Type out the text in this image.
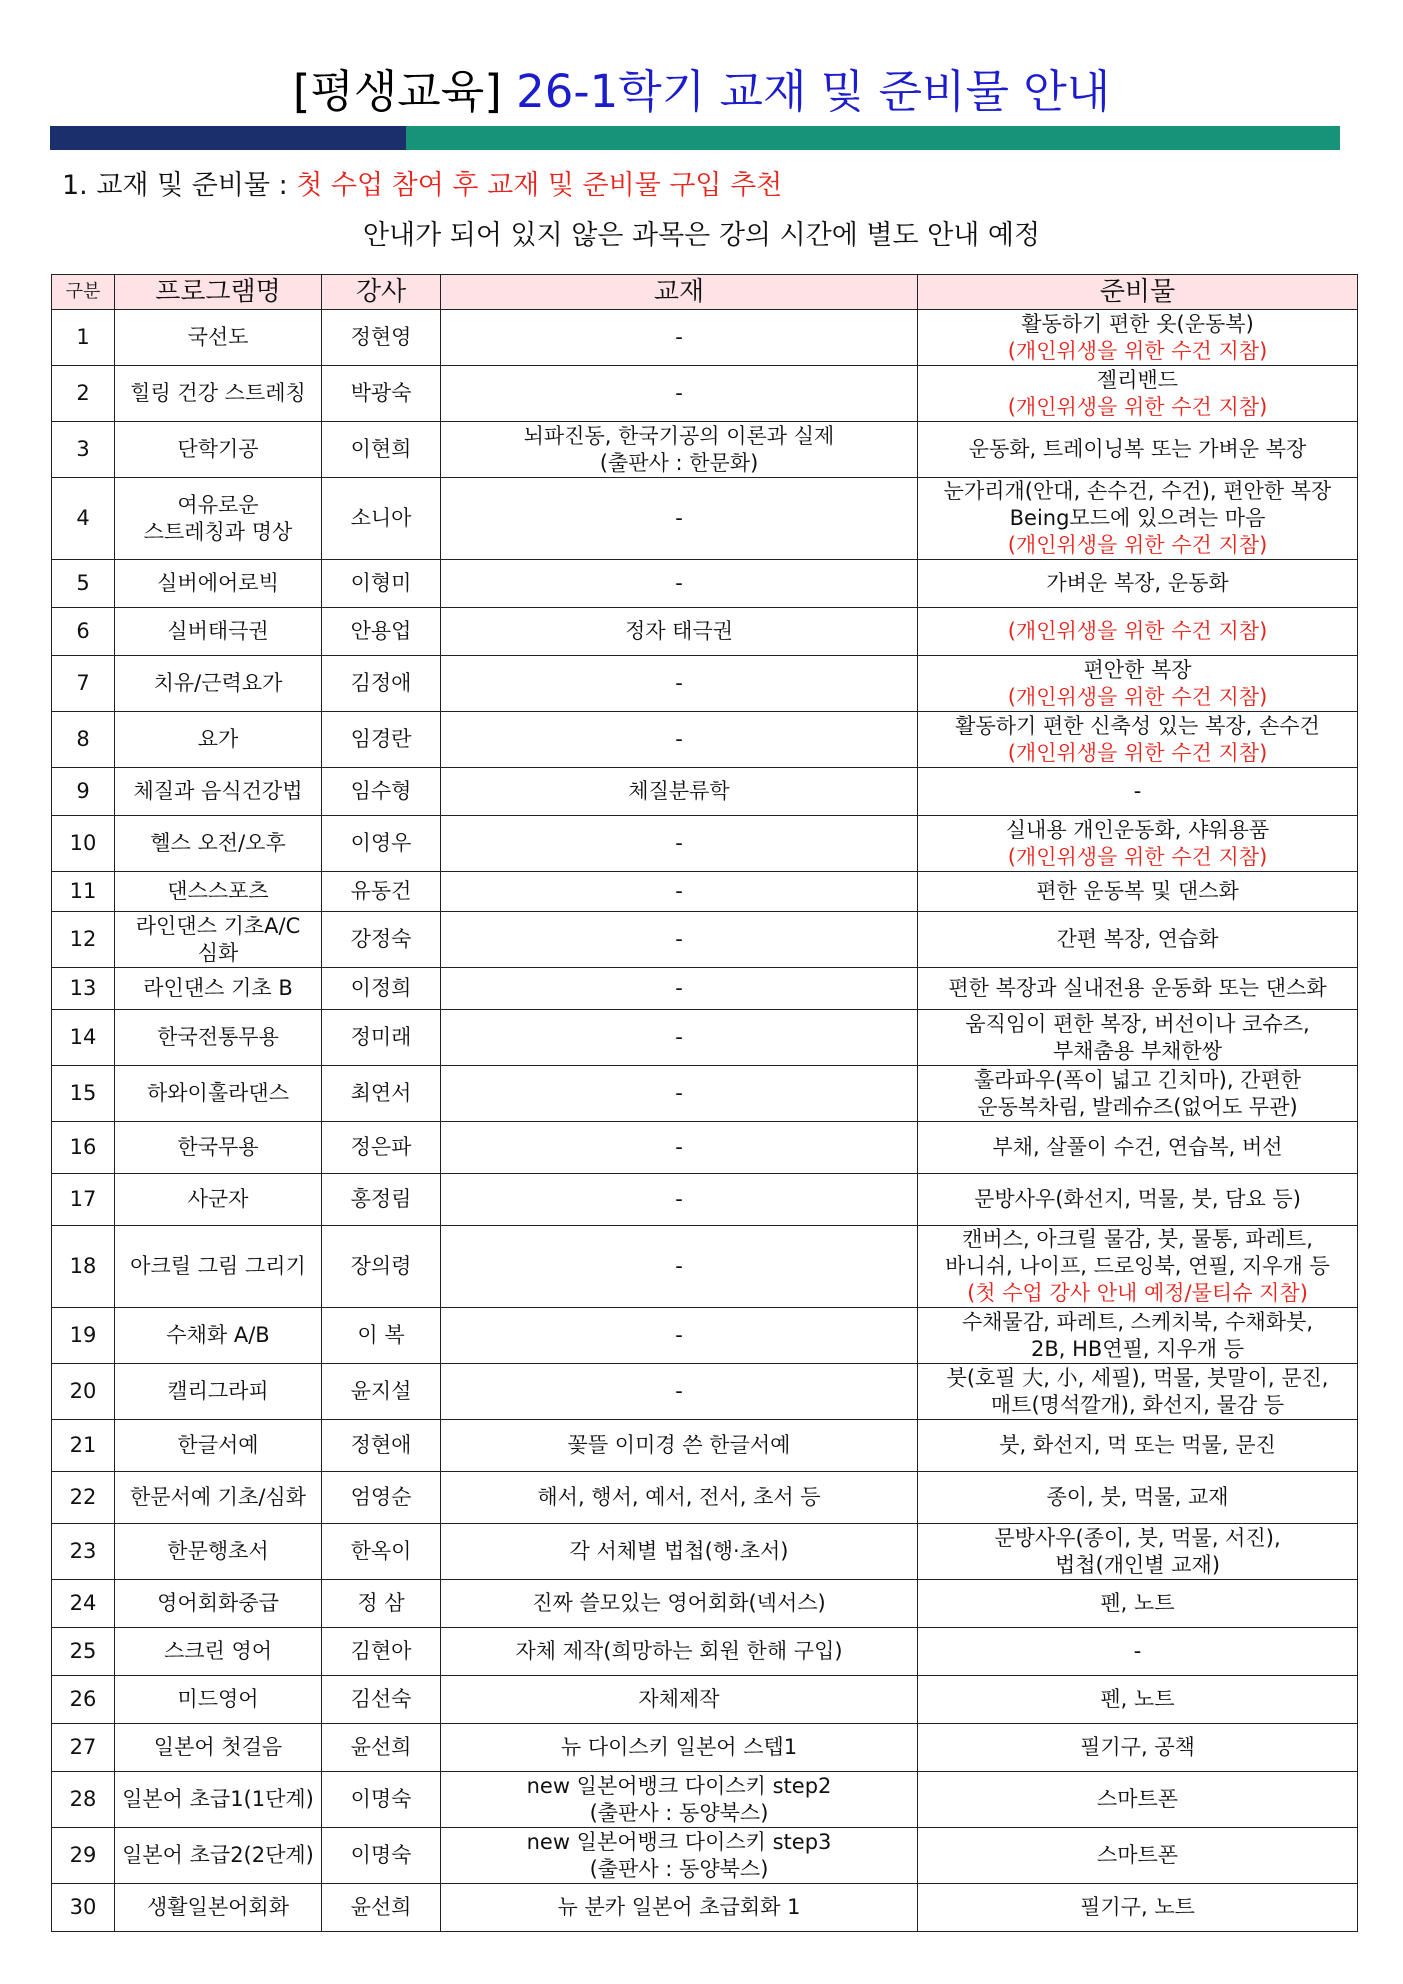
[평생교육] 26-1학기 교재 및 준비물 안내
1. 교재 및 준비물 : 첫 수업 참여 후 교재 및 준비물 구입 추천
안내가 되어 있지 않은 과목은 강의 시간에 별도 안내 예정
구분	프로그램명	강사	교재	준비물

1	국선도	정현영	-	활동하기 편한 옷(운동복)
(개인위생을 위한 수건 지참)

2	힐링 건강 스트레칭	박광숙	-	젤리밴드
(개인위생을 위한 수건 지참)

3	단학기공	이현희	뇌파진동, 한국기공의 이론과 실제
(출판사 : 한문화)	운동화, 트레이닝복 또는 가벼운 복장

4	여유로운
스트레칭과 명상	소니아	-	눈가리개(안대, 손수건, 수건), 편안한 복장
Being모드에 있으려는 마음
(개인위생을 위한 수건 지참)

5	실버에어로빅	이형미	-	가벼운 복장, 운동화

6	실버태극권	안용업	정자 태극권	(개인위생을 위한 수건 지참)

7	치유/근력요가	김정애	-	편안한 복장
(개인위생을 위한 수건 지참)

8	요가	임경란	-	활동하기 편한 신축성 있는 복장, 손수건
(개인위생을 위한 수건 지참)

9	체질과 음식건강법	임수형	체질분류학	-

10	헬스 오전/오후	이영우	-	실내용 개인운동화, 샤워용품
(개인위생을 위한 수건 지참)

11	댄스스포츠	유동건	-	편한 운동복 및 댄스화

12	라인댄스 기초A/C
심화	강정숙	-	간편 복장, 연습화

13	라인댄스 기초 B	이정희	-	편한 복장과 실내전용 운동화 또는 댄스화

14	한국전통무용	정미래	-	움직임이 편한 복장, 버선이나 코슈즈,
부채춤용 부채한쌍

15	하와이훌라댄스	최연서	-	훌라파우(폭이 넓고 긴치마), 간편한
운동복차림, 발레슈즈(없어도 무관)

16	한국무용	정은파	-	부채, 살풀이 수건, 연습복, 버선

17	사군자	홍정림	-	문방사우(화선지, 먹물, 붓, 담요 등)

18	아크릴 그림 그리기	장의령	-	캔버스, 아크릴 물감, 붓, 물통, 파레트,
바니쉬, 나이프, 드로잉북, 연필, 지우개 등
(첫 수업 강사 안내 예정/물티슈 지참)

19	수채화 A/B	이 복	-	수채물감, 파레트, 스케치북, 수채화붓,
2B, HB연필, 지우개 등

20	캘리그라피	윤지설	-	붓(호필 大, 小, 세필), 먹물, 붓말이, 문진,
매트(명석깔개), 화선지, 물감 등

21	한글서예	정현애	꽃뜰 이미경 쓴 한글서예	붓, 화선지, 먹 또는 먹물, 문진

22	한문서예 기초/심화	엄영순	해서, 행서, 예서, 전서, 초서 등	종이, 붓, 먹물, 교재

23	한문행초서	한옥이	각 서체별 법첩(행·초서)	문방사우(종이, 붓, 먹물, 서진),
법첩(개인별 교재)

24	영어회화중급	정 삼	진짜 쓸모있는 영어회화(넥서스)	펜, 노트

25	스크린 영어	김현아	자체 제작(희망하는 회원 한해 구입)	-

26	미드영어	김선숙	자체제작	펜, 노트

27	일본어 첫걸음	윤선희	뉴 다이스키 일본어 스텝1	필기구, 공책

28	일본어 초급1(1단계)	이명숙	new 일본어뱅크 다이스키 step2
(출판사 : 동양북스)	스마트폰

29	일본어 초급2(2단계)	이명숙	new 일본어뱅크 다이스키 step3
(출판사 : 동양북스)	스마트폰

30	생활일본어회화	윤선희	뉴 분카 일본어 초급회화 1	필기구, 노트
